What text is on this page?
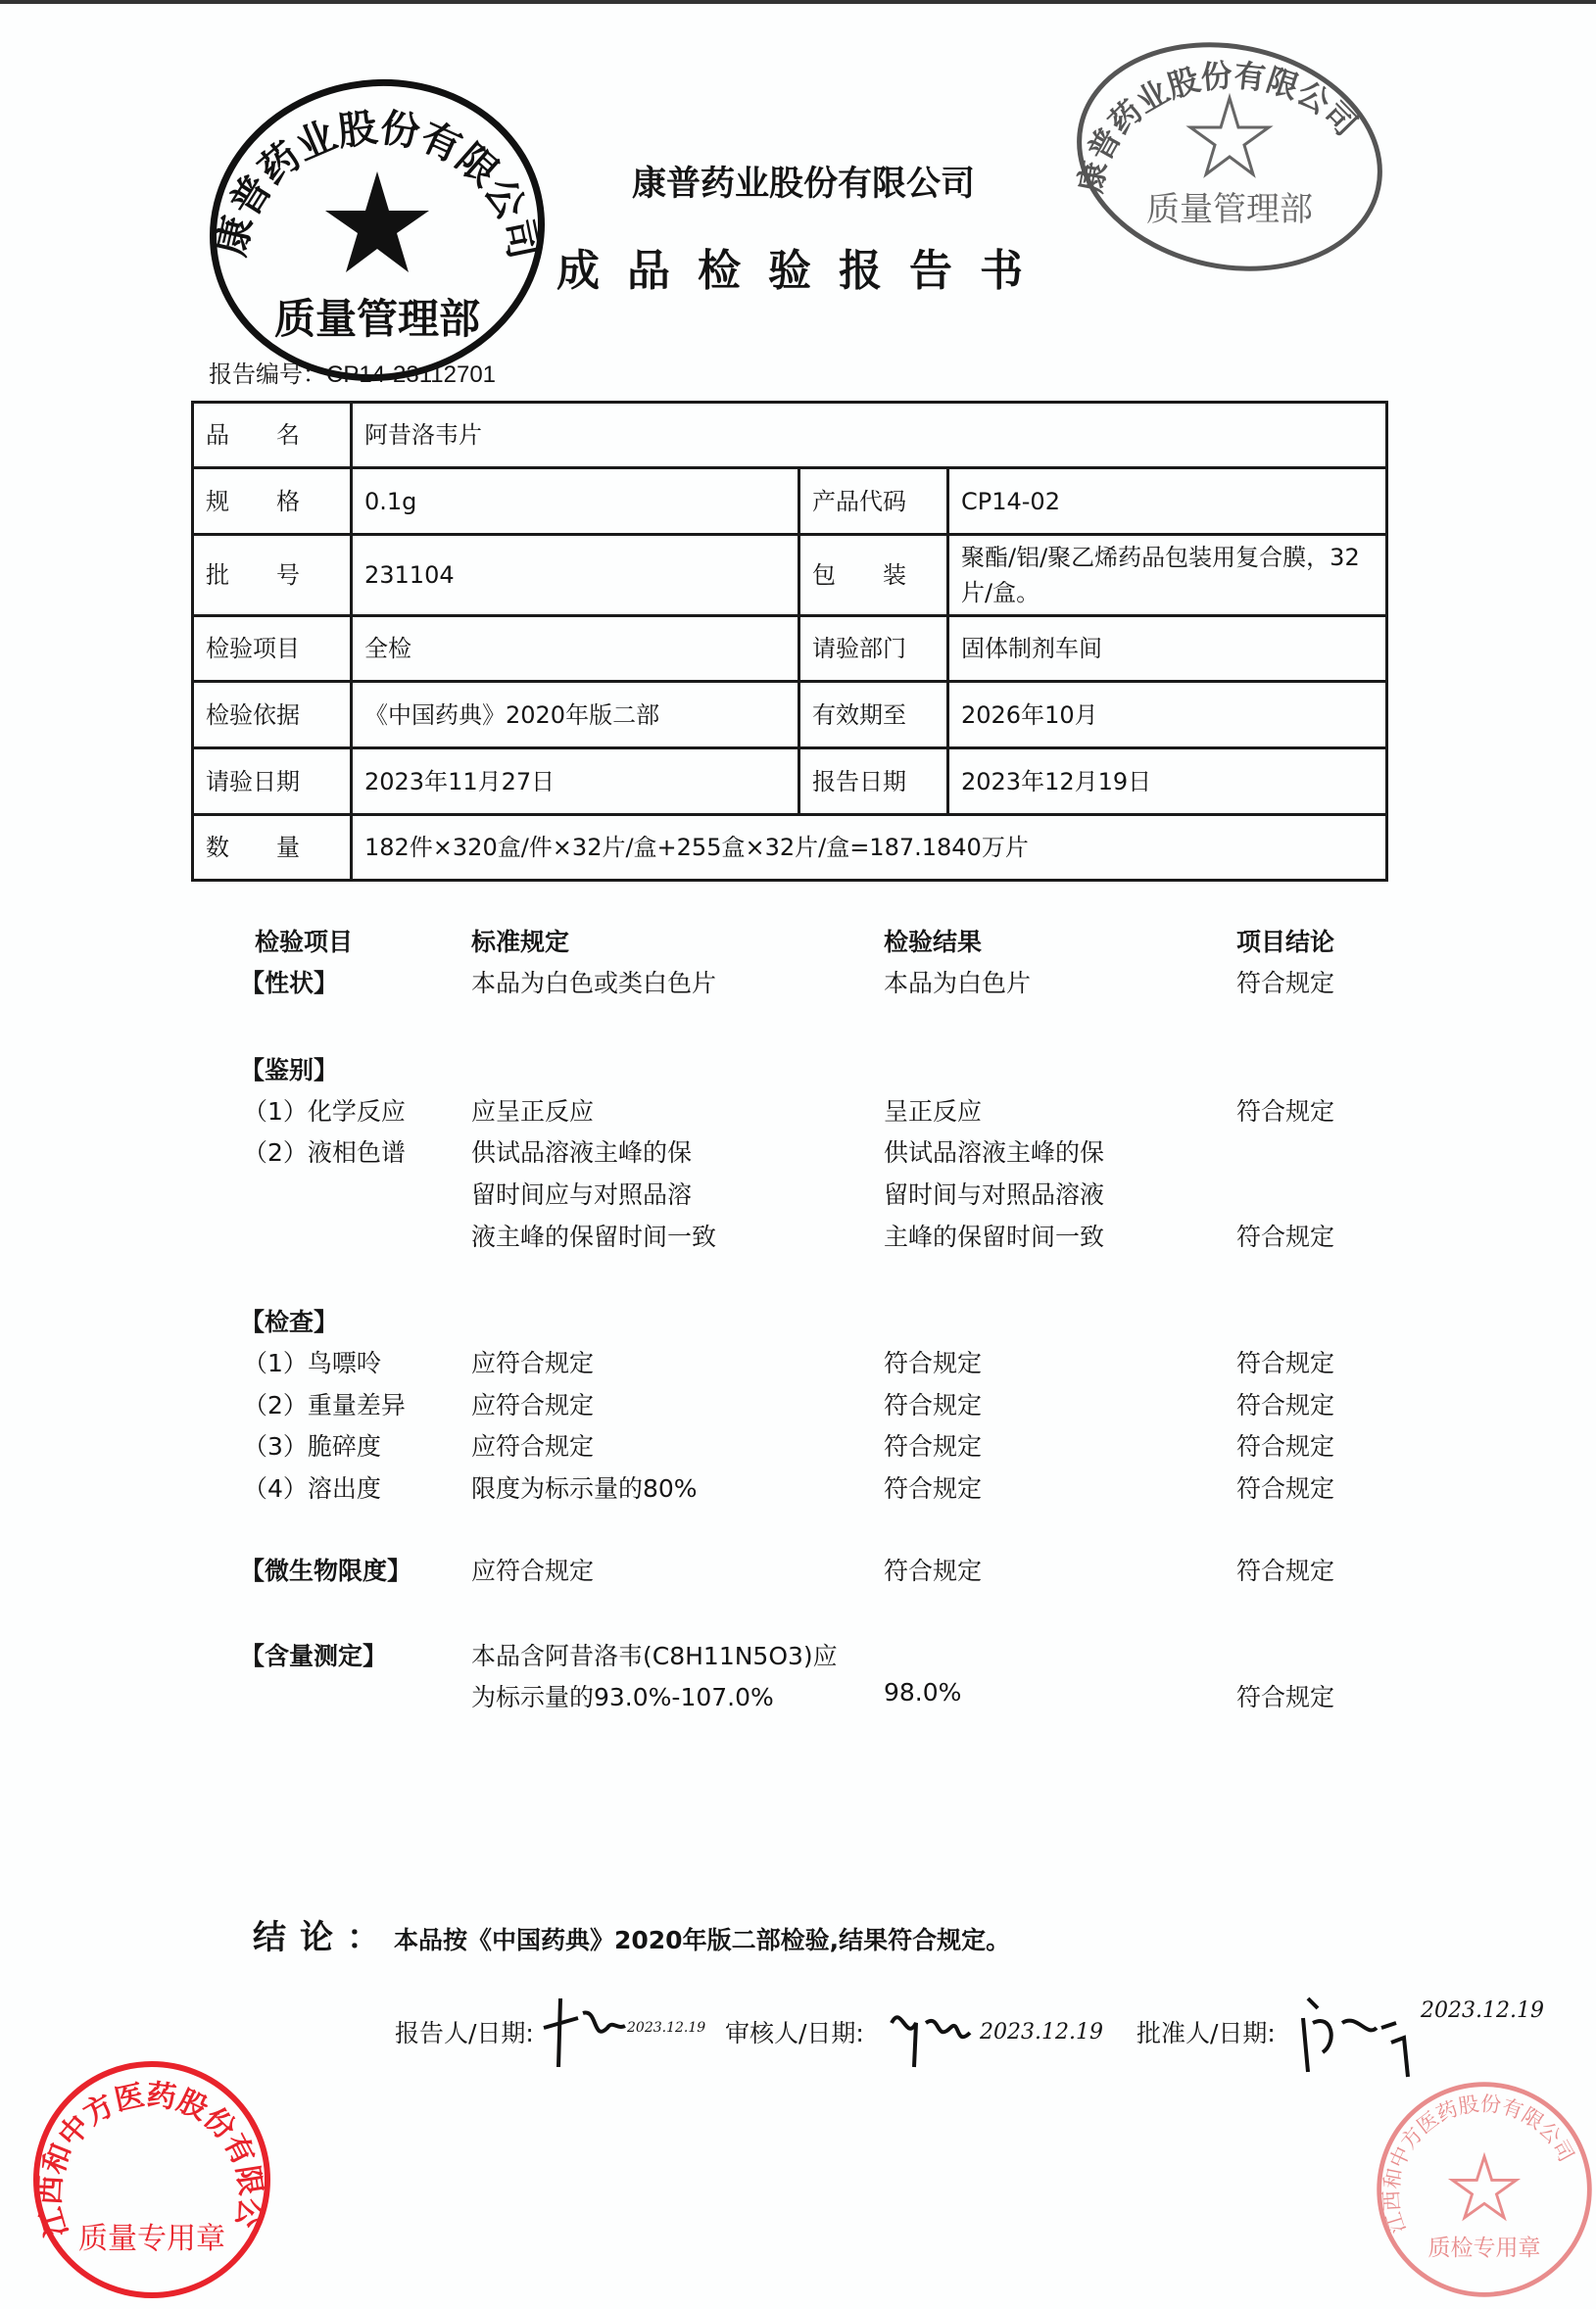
康普药业股份有限公司
质量管理部
康普药业股份有限公司
质量管理部
康普药业股份有限公司
成品检验报告书
报告编号：CP14-23112701
品　　名	阿昔洛韦片		
规　　格	0.1g	产品代码	CP14-02
批　　号	231104	包　　装	聚酯/铝/聚乙烯药品包装用复合膜，32片/盒。
检验项目	全检	请验部门	固体制剂车间
检验依据	《中国药典》2020年版二部	有效期至	2026年10月
请验日期	2023年11月27日	报告日期	2023年12月19日
数　　量	182件×320盒/件×32片/盒+255盒×32片/盒=187.1840万片		
检验项目	标准规定	检验结果	项目结论
【性状】	本品为白色或类白色片	本品为白色片	符合规定
【鉴别】
（1）化学反应	应呈正反应	呈正反应	符合规定
（2）液相色谱	供试品溶液主峰的保	供试品溶液主峰的保
留时间应与对照品溶	留时间与对照品溶液
液主峰的保留时间一致	主峰的保留时间一致	符合规定
【检查】
（1）鸟嘌呤	应符合规定	符合规定	符合规定
（2）重量差异	应符合规定	符合规定	符合规定
（3）脆碎度	应符合规定	符合规定	符合规定
（4）溶出度	限度为标示量的80%	符合规定	符合规定
【微生物限度】 应符合规定	符合规定	符合规定
【含量测定】	本品含阿昔洛韦(C8H11N5O3)应
为标示量的93.0%-107.0%	98.0%	符合规定
结论：本品按《中国药典》2020年版二部检验,结果符合规定。
报告人/日期:	2023.12.19 审核人/日期:	2023.12.19 批准人/日期:
2023.12.19
江西和中方医药股份有限公司
质量专用章	江西和中方医药股份有限公司
质检专用章
